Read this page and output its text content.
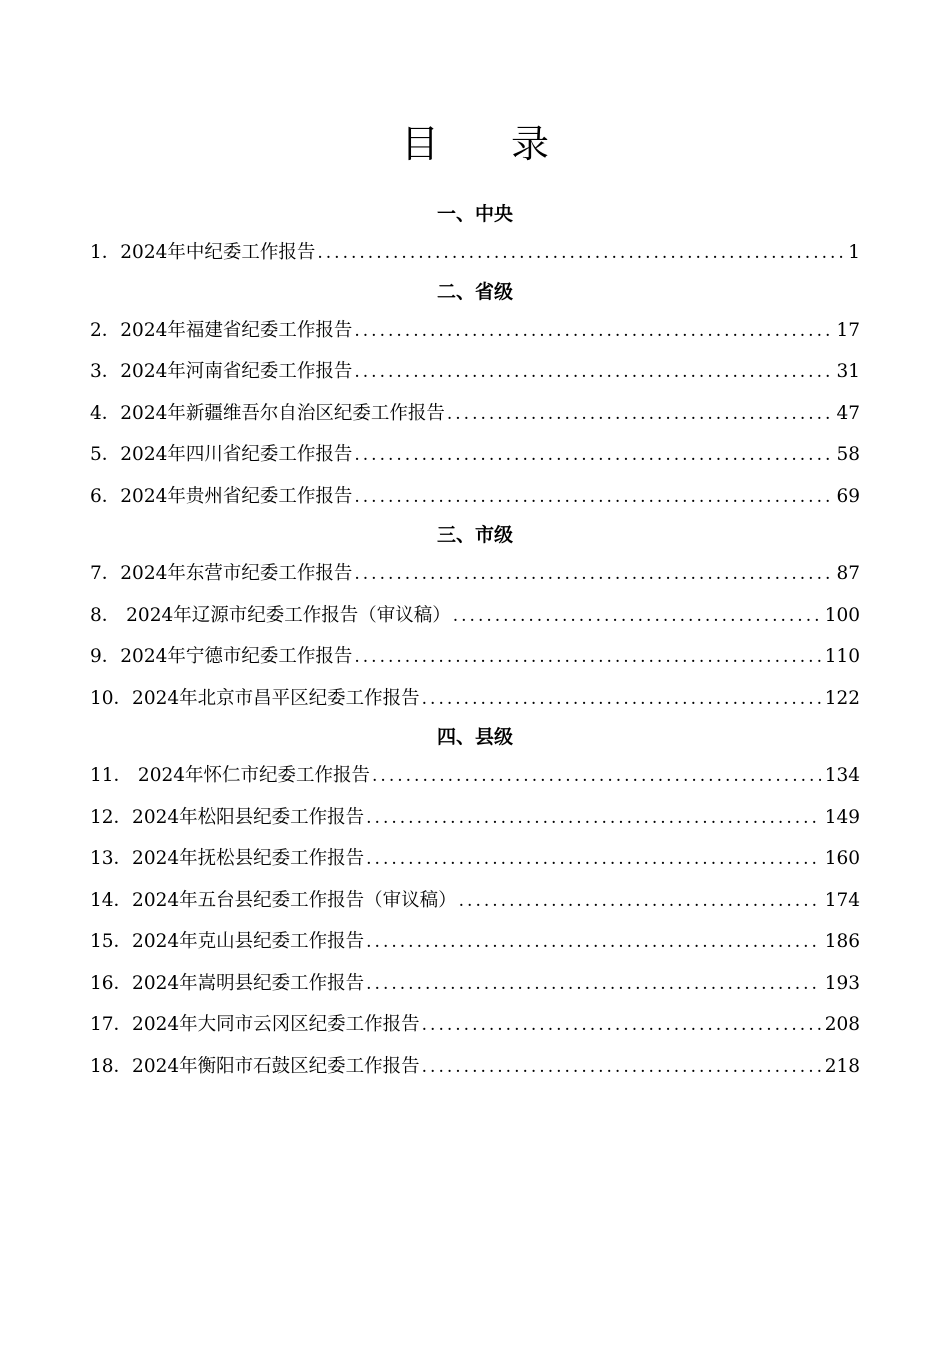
目 录
一、中央
1． 2024年中纪委工作报告 .....	1
二、省级
2． 2024年福建省纪委工作报告 .....	17
3． 2024年河南省纪委工作报告 .....	31
4． 2024年新疆维吾尔自治区纪委工作报告 .....	47
5． 2024年四川省纪委工作报告 .....	58
6． 2024年贵州省纪委工作报告 .....	69
三、市级
7． 2024年东营市纪委工作报告 .....	87
8． 2024年辽源市纪委工作报告（审议稿） .....	100
9． 2024年宁德市纪委工作报告 .....	110
10． 2024年北京市昌平区纪委工作报告 .....	122
四、县级
11． 2024年怀仁市纪委工作报告 .....	134
12． 2024年松阳县纪委工作报告 .....	149
13． 2024年抚松县纪委工作报告 .....	160
14． 2024年五台县纪委工作报告（审议稿） .....	174
15． 2024年克山县纪委工作报告 .....	186
16． 2024年嵩明县纪委工作报告 .....	193
17． 2024年大同市云冈区纪委工作报告 .....	208
18． 2024年衡阳市石鼓区纪委工作报告 .....	218
